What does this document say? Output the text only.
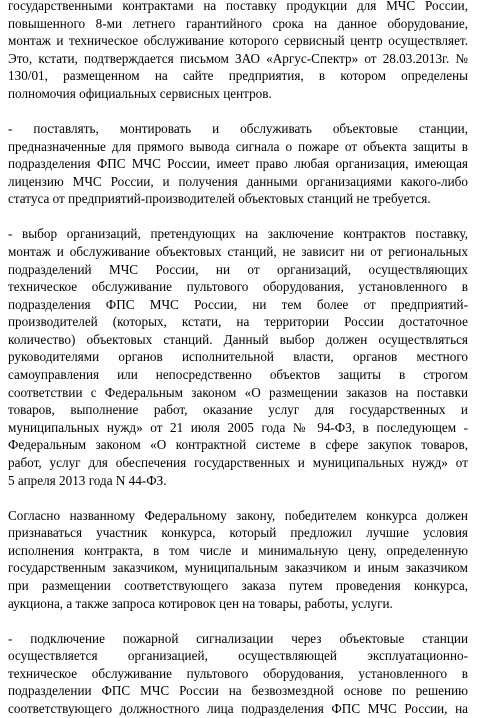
государственными контрактами на поставку продукции для МЧС России,
повышенного 8-ми летнего гарантийного срока на данное оборудование,
монтаж и техническое обслуживание которого сервисный центр осуществляет.
Это, кстати, подтверждается письмом ЗАО «Аргус-Спектр» от 28.03.2013г. №
130/01, размещенном на сайте предприятия, в котором определены
полномочия официальных сервисных центров.

- поставлять, монтировать и обслуживать объектовые станции,
предназначенные для прямого вывода сигнала о пожаре от объекта защиты в
подразделения ФПС МЧС России, имеет право любая организация, имеющая
лицензию МЧС России, и получения данными организациями какого-либо
статуса от предприятий-производителей объектовых станций не требуется.

- выбор организаций, претендующих на заключение контрактов поставку,
монтаж и обслуживание объектовых станций, не зависит ни от региональных
подразделений МЧС России, ни от организаций, осуществляющих
техническое обслуживание пультового оборудования, установленного в
подразделения ФПС МЧС России, ни тем более от предприятий-
производителей (которых, кстати, на территории России достаточное
количество) объектовых станций. Данный выбор должен осуществляться
руководителями органов исполнительной власти, органов местного
самоуправления или непосредственно объектов защиты в строгом
соответствии с Федеральным законом «О размещении заказов на поставки
товаров, выполнение работ, оказание услуг для государственных и
муниципальных нужд» от 21 июля 2005 года № 94-ФЗ, в последующем -
Федеральным законом «О контрактной системе в сфере закупок товаров,
работ, услуг для обеспечения государственных и муниципальных нужд» от
5 апреля 2013 года N 44-ФЗ.

Согласно названному Федеральному закону, победителем конкурса должен
признаваться участник конкурса, который предложил лучшие условия
исполнения контракта, в том числе и минимальную цену, определенную
государственным заказчиком, муниципальным заказчиком и иным заказчиком
при размещении соответствующего заказа путем проведения конкурса,
аукциона, а также запроса котировок цен на товары, работы, услуги.

- подключение пожарной сигнализации через объектовые станции
осуществляется организацией, осуществляющей эксплуатационно-
техническое обслуживание пультового оборудования, установленного в
подразделении ФПС МЧС России на безвозмездной основе по решению
соответствующего должностного лица подразделения ФПС МЧС России, на
